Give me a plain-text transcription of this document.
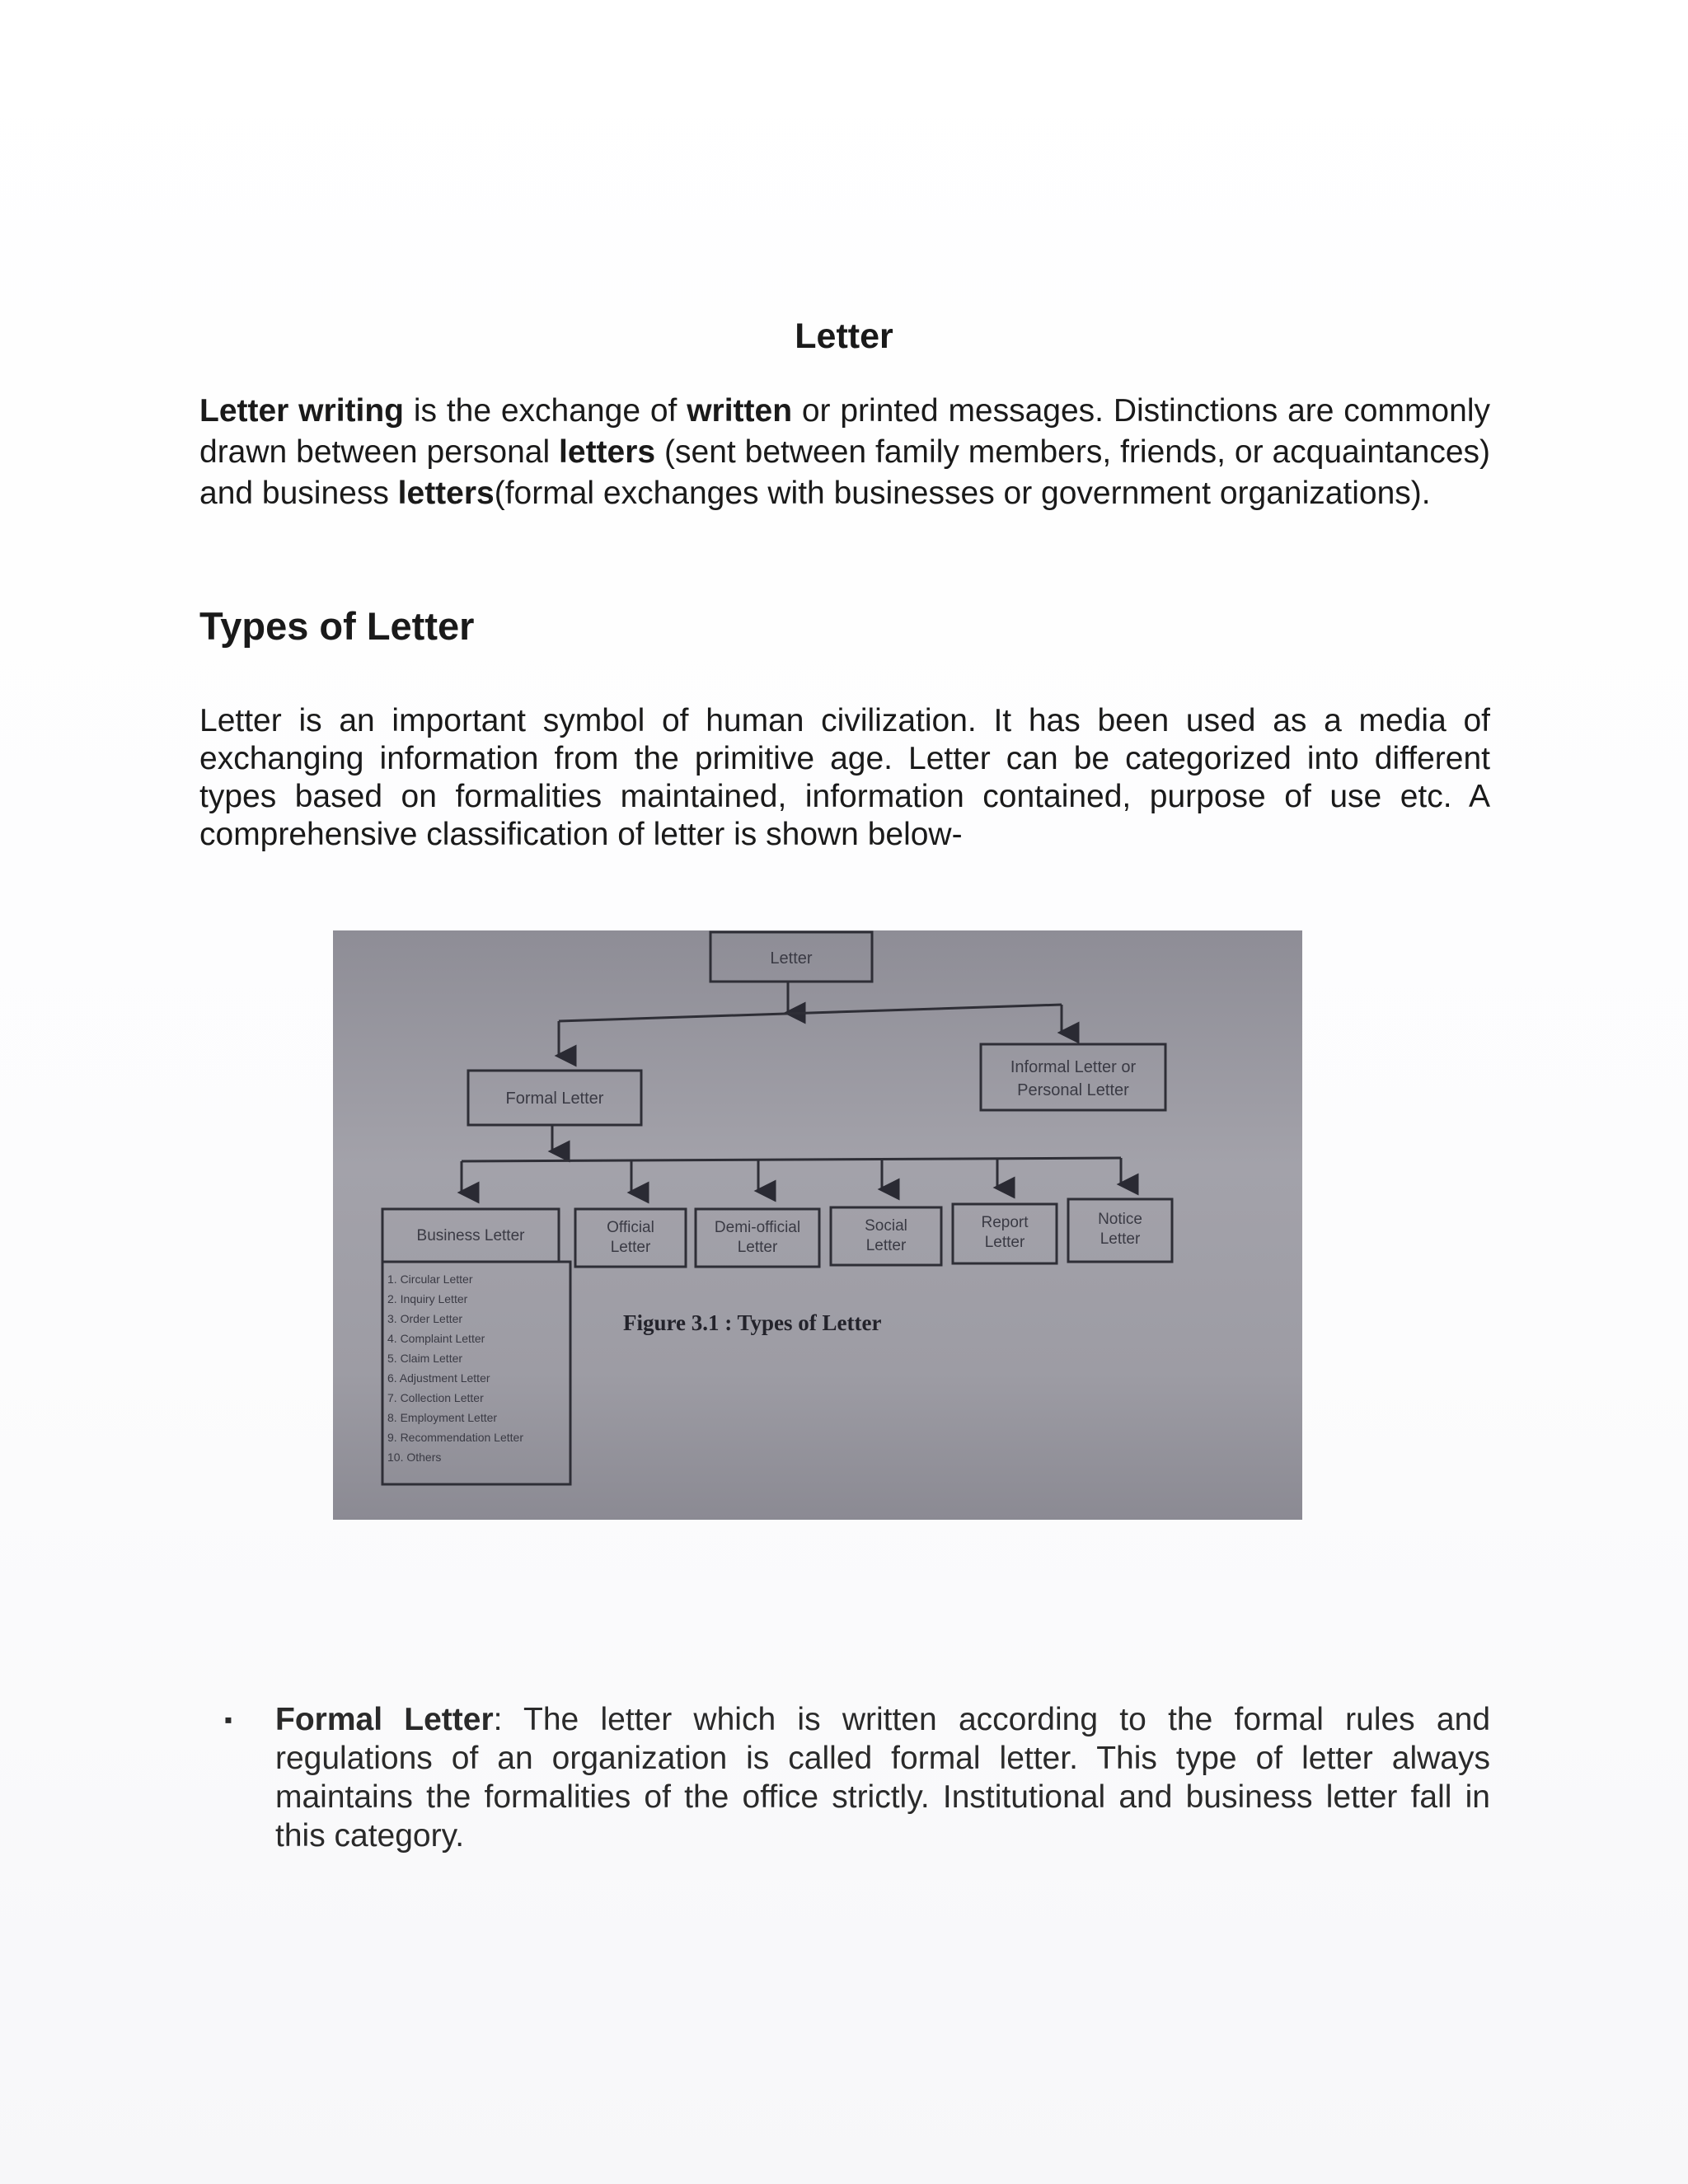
Letter

Letter writing is the exchange of written or printed messages. Distinctions are commonly drawn between personal letters (sent between family members, friends, or acquaintances) and business letters(formal exchanges with businesses or government organizations).

Types of Letter

Letter is an important symbol of human civilization. It has been used as a media of exchanging information from the primitive age. Letter can be categorized into different types based on formalities maintained, information contained, purpose of use etc. A comprehensive classification of letter is shown below-

Letter
Formal Letter
Informal Letter or
Personal Letter
Business Letter	Official
Letter
Demi-official
Letter
Social
Letter
Report
Letter
Notice
Letter
1. Circular Letter
2. Inquiry Letter
3. Order Letter
4. Complaint Letter
5. Claim Letter
6. Adjustment Letter
7. Collection Letter
8. Employment Letter
9. Recommendation Letter
10. Others
Figure 3.1 : Types of Letter
▪ Formal Letter: The letter which is written according to the formal rules and regulations of an organization is called formal letter. This type of letter always maintains the formalities of the office strictly. Institutional and business letter fall in this category.
